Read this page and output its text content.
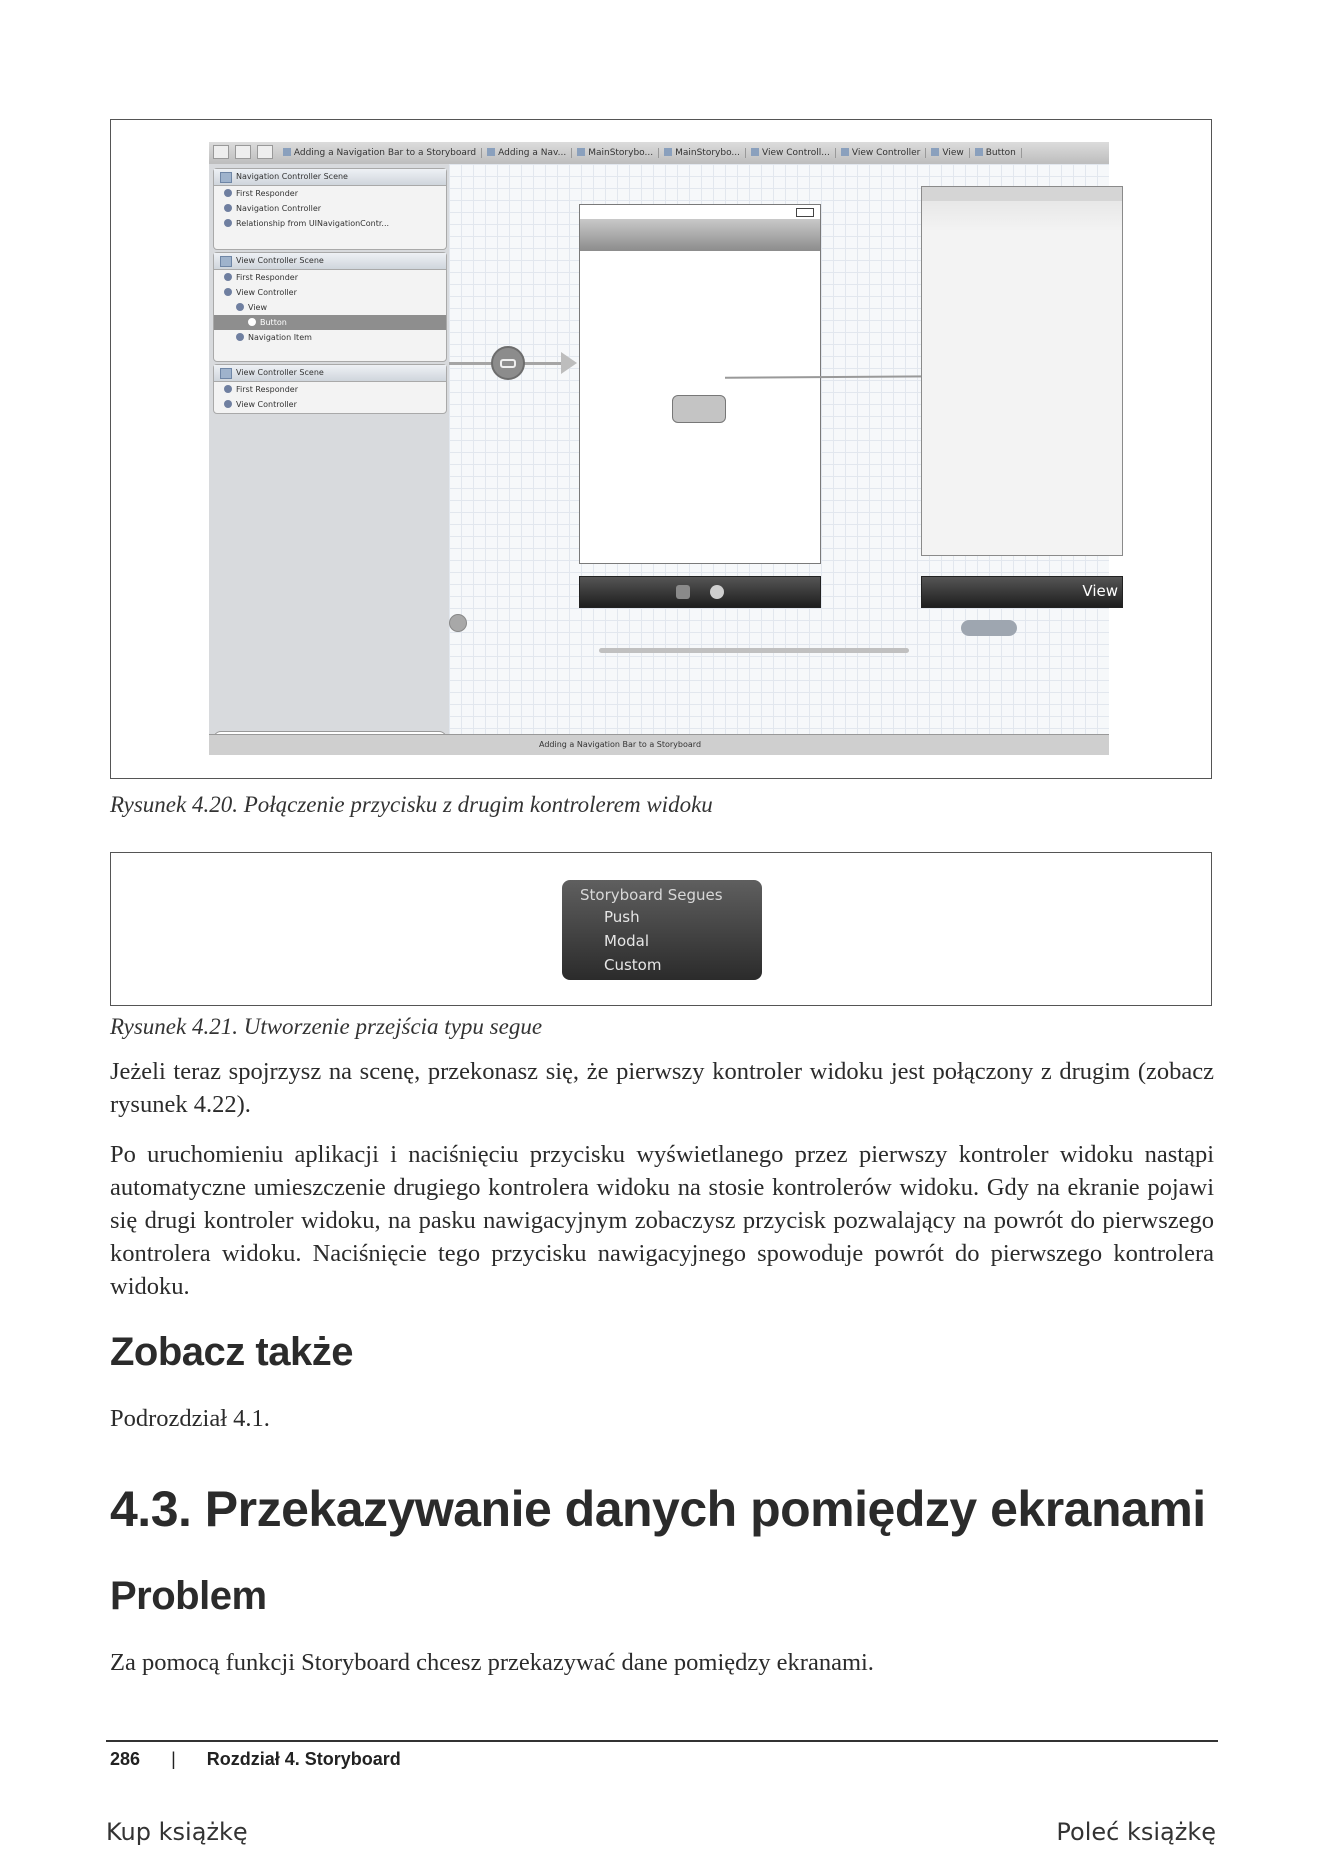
Adding a Navigation Bar to a Storyboard Adding a Nav... MainStorybo... MainStorybo... View Controll... View Controller View Button
Navigation Controller Scene
First Responder
Navigation Controller
Relationship from UINavigationContr...
View Controller Scene
First Responder
View Controller
View
Button
Navigation Item
View Controller Scene
First Responder
View Controller
View
Adding a Navigation Bar to a Storyboard
Rysunek 4.20. Połączenie przycisku z drugim kontrolerem widoku
Storyboard Segues
Push
Modal
Custom
Rysunek 4.21. Utworzenie przejścia typu segue
Jeżeli teraz spojrzysz na scenę, przekonasz się, że pierwszy kontroler widoku jest połączony z drugim (zobacz rysunek 4.22).
Po uruchomieniu aplikacji i naciśnięciu przycisku wyświetlanego przez pierwszy kontroler widoku nastąpi automatyczne umieszczenie drugiego kontrolera widoku na stosie kontrolerów widoku. Gdy na ekranie pojawi się drugi kontroler widoku, na pasku nawigacyjnym zobaczysz przycisk pozwalający na powrót do pierwszego kontrolera widoku. Naciśnięcie tego przycisku nawigacyjnego spowoduje powrót do pierwszego kontrolera widoku.
Zobacz także
Podrozdział 4.1.
4.3. Przekazywanie danych pomiędzy ekranami
Problem
Za pomocą funkcji Storyboard chcesz przekazywać dane pomiędzy ekranami.
286 | Rozdział 4. Storyboard
Kup książkę	Poleć książkę
